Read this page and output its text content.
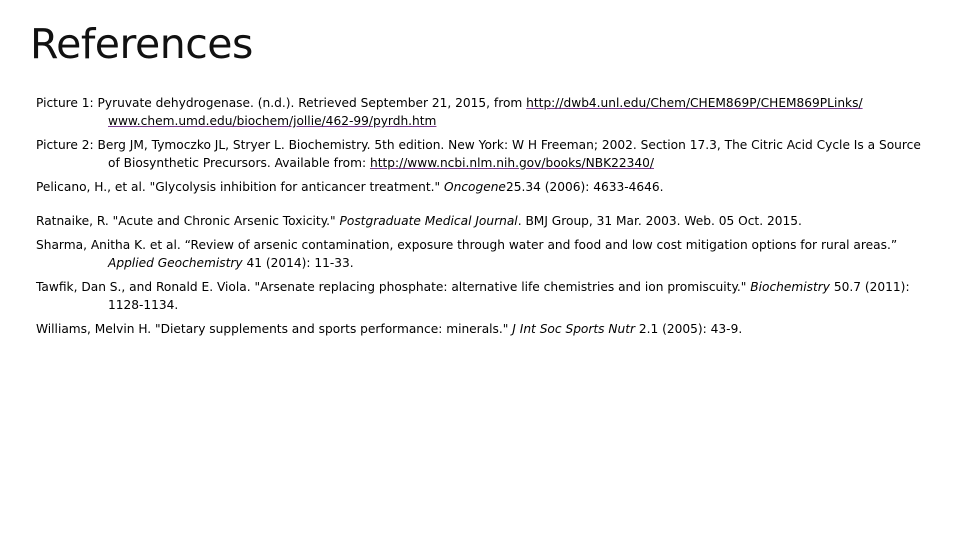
References

Picture 1: Pyruvate dehydrogenase. (n.d.). Retrieved September 21, 2015, from http://dwb4.unl.edu/Chem/CHEM869P/CHEM869PLinks/
www.chem.umd.edu/biochem/jollie/462-99/pyrdh.htm

Picture 2: Berg JM, Tymoczko JL, Stryer L. Biochemistry. 5th edition. New York: W H Freeman; 2002. Section 17.3, The Citric Acid Cycle Is a Source of Biosynthetic Precursors. Available from: http://www.ncbi.nlm.nih.gov/books/NBK22340/

Pelicano, H., et al. "Glycolysis inhibition for anticancer treatment." Oncogene25.34 (2006): 4633-4646.

Ratnaike, R. "Acute and Chronic Arsenic Toxicity." Postgraduate Medical Journal. BMJ Group, 31 Mar. 2003. Web. 05 Oct. 2015.

Sharma, Anitha K. et al. “Review of arsenic contamination, exposure through water and food and low cost mitigation options for rural areas.” Applied Geochemistry 41 (2014): 11-33.

Tawfik, Dan S., and Ronald E. Viola. "Arsenate replacing phosphate: alternative life chemistries and ion promiscuity." Biochemistry 50.7 (2011): 1128-1134.

Williams, Melvin H. "Dietary supplements and sports performance: minerals." J Int Soc Sports Nutr 2.1 (2005): 43-9.
